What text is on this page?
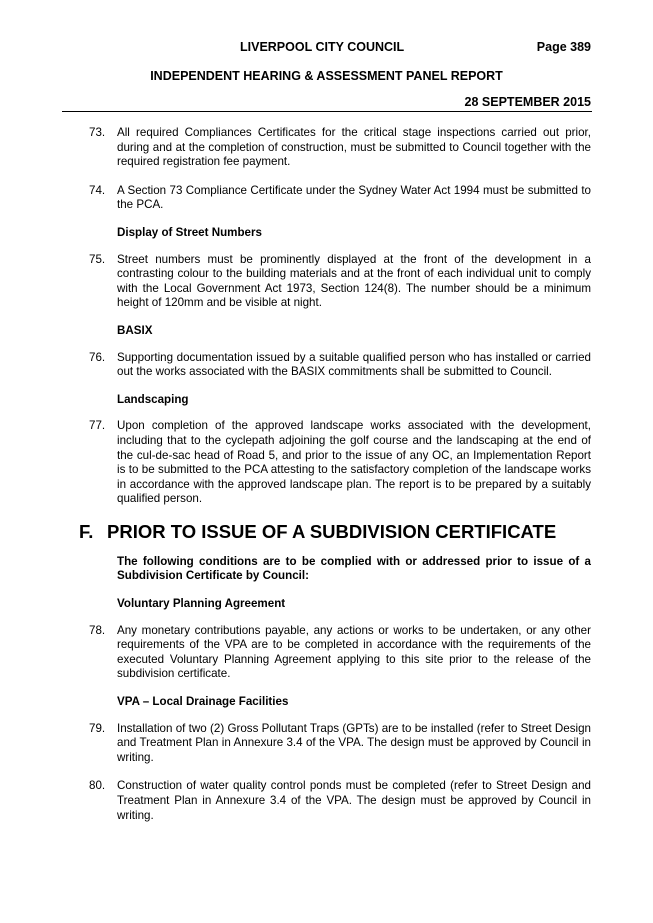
LIVERPOOL CITY COUNCIL	Page 389
INDEPENDENT HEARING & ASSESSMENT PANEL REPORT
28 SEPTEMBER 2015
73. All required Compliances Certificates for the critical stage inspections carried out prior, during and at the completion of construction, must be submitted to Council together with the required registration fee payment.
74. A Section 73 Compliance Certificate under the Sydney Water Act 1994 must be submitted to the PCA.
Display of Street Numbers
75. Street numbers must be prominently displayed at the front of the development in a contrasting colour to the building materials and at the front of each individual unit to comply with the Local Government Act 1973, Section 124(8). The number should be a minimum height of 120mm and be visible at night.
BASIX
76. Supporting documentation issued by a suitable qualified person who has installed or carried out the works associated with the BASIX commitments shall be submitted to Council.
Landscaping
77. Upon completion of the approved landscape works associated with the development, including that to the cyclepath adjoining the golf course and the landscaping at the end of the cul-de-sac head of Road 5, and prior to the issue of any OC, an Implementation Report is to be submitted to the PCA attesting to the satisfactory completion of the landscape works in accordance with the approved landscape plan. The report is to be prepared by a suitably qualified person.
F. PRIOR TO ISSUE OF A SUBDIVISION CERTIFICATE
The following conditions are to be complied with or addressed prior to issue of a Subdivision Certificate by Council:
Voluntary Planning Agreement
78. Any monetary contributions payable, any actions or works to be undertaken, or any other requirements of the VPA are to be completed in accordance with the requirements of the executed Voluntary Planning Agreement applying to this site prior to the release of the subdivision certificate.
VPA – Local Drainage Facilities
79. Installation of two (2) Gross Pollutant Traps (GPTs) are to be installed (refer to Street Design and Treatment Plan in Annexure 3.4 of the VPA. The design must be approved by Council in writing.
80. Construction of water quality control ponds must be completed (refer to Street Design and Treatment Plan in Annexure 3.4 of the VPA. The design must be approved by Council in writing.
